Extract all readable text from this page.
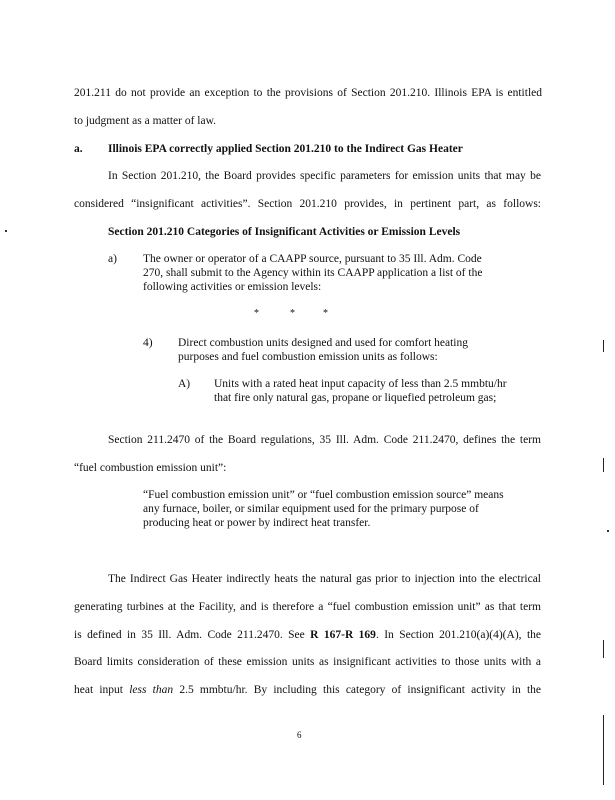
201.211 do not provide an exception to the provisions of Section 201.210. Illinois EPA is entitled
to judgment as a matter of law.
a. Illinois EPA correctly applied Section 201.210 to the Indirect Gas Heater
In Section 201.210, the Board provides specific parameters for emission units that may be
considered “insignificant activities”. Section 201.210 provides, in pertinent part, as follows:
Section 201.210 Categories of Insignificant Activities or Emission Levels
a) The owner or operator of a CAAPP source, pursuant to 35 Ill. Adm. Code
270, shall submit to the Agency within its CAAPP application a list of the
following activities or emission levels:
*	*	*
4) Direct combustion units designed and used for comfort heating
purposes and fuel combustion emission units as follows:
A) Units with a rated heat input capacity of less than 2.5 mmbtu/hr
that fire only natural gas, propane or liquefied petroleum gas;
Section 211.2470 of the Board regulations, 35 Ill. Adm. Code 211.2470, defines the term
“fuel combustion emission unit”:
“Fuel combustion emission unit” or “fuel combustion emission source” means
any furnace, boiler, or similar equipment used for the primary purpose of
producing heat or power by indirect heat transfer.
The Indirect Gas Heater indirectly heats the natural gas prior to injection into the electrical
generating turbines at the Facility, and is therefore a “fuel combustion emission unit” as that term
is defined in 35 Ill. Adm. Code 211.2470. See R 167-R 169. In Section 201.210(a)(4)(A), the
Board limits consideration of these emission units as insignificant activities to those units with a
heat input less than 2.5 mmbtu/hr. By including this category of insignificant activity in the
6
